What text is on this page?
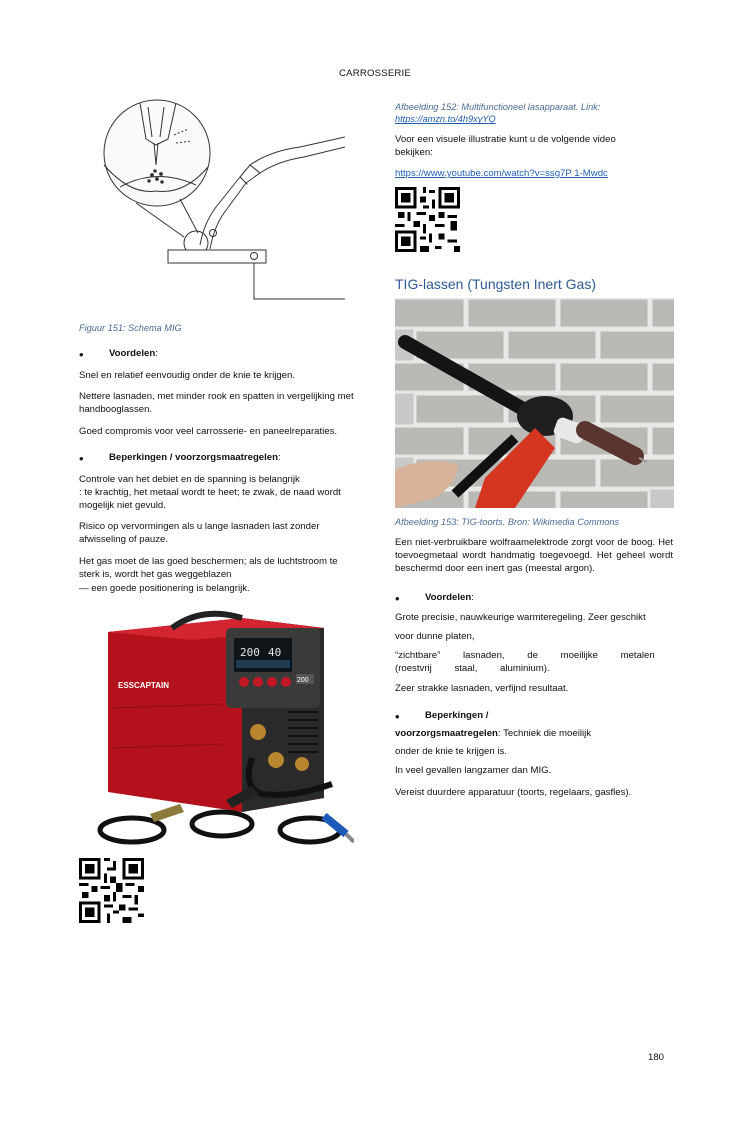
CARROSSERIE
Figuur 151: Schema MIG
•	Voordelen:

Snel en relatief eenvoudig onder de knie te krijgen.

Nettere lasnaden, met minder rook en spatten in vergelijking met handbooglassen.

Goed compromis voor veel carrosserie- en paneelreparaties.

•	Beperkingen / voorzorgsmaatregelen:

Controle van het debiet en de spanning is belangrijk

: te krachtig, het metaal wordt te heet; te zwak, de naad wordt mogelijk niet gevuld.

Risico op vervormingen als u lange lasnaden last zonder afwisseling of pauze.

Het gas moet de las goed beschermen; als de luchtstroom te sterk is, wordt het gas weggeblazen

— een goede positionering is belangrijk.

200 40
200
ESSCAPTAIN
Afbeelding 152: Multifunctioneel lasapparaat. Link:
https://amzn.to/4h9xyYQ

Voor een visuele illustratie kunt u de volgende video bekijken:

https://www.youtube.com/watch?v=ssg7P 1-Mwdc
TIG-lassen (Tungsten Inert Gas)
Afbeelding 153: TIG-toorts. Bron: Wikimedia Commons

Een niet-verbruikbare wolfraamelektrode zorgt voor de boog. Het toevoegmetaal wordt handmatig toegevoegd. Het geheel wordt beschermd door een inert gas (meestal argon).

•	Voordelen:

Grote precisie, nauwkeurige warmteregeling. Zeer geschikt

voor dunne platen,

“zichtbare” lasnaden, de moeilijke metalen (roestvrij staal, aluminium).

Zeer strakke lasnaden, verfijnd resultaat.

•	Beperkingen /

voorzorgsmaatregelen: Techniek die moeilijk

onder de knie te krijgen is.

In veel gevallen langzamer dan MIG.

Vereist duurdere apparatuur (toorts, regelaars, gasfles).

180
